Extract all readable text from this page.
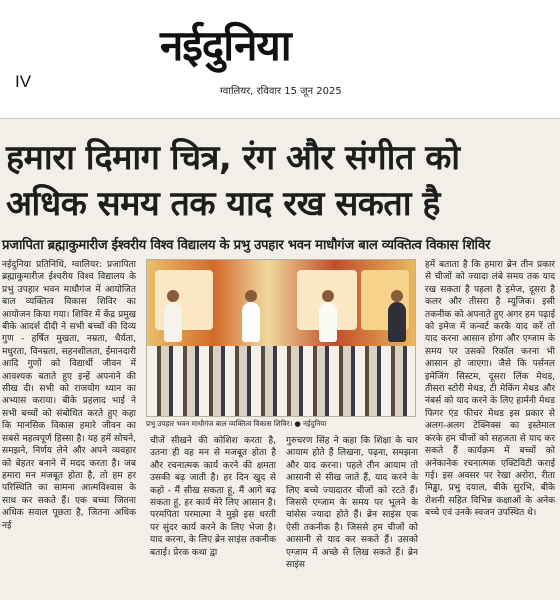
नईदुनिया
ग्वालियर, रविवार 15 जून 2025
IV
हमारा दिमाग चित्र, रंग और संगीत को
अधिक समय तक याद रख सकता है
प्रजापिता ब्रह्माकुमारीज ईश्वरीय विश्व विद्यालय के प्रभु उपहार भवन माधौगंज बाल व्यक्तित्व विकास शिविर
नईदुनिया प्रतिनिधि, ग्वालियर: प्रजापिता ब्रह्माकुमारीज ईश्वरीय विश्व विद्यालय के प्रभु उपहार भवन माधौगंज में आयोजित बाल व्यक्तित्व विकास शिविर का आयोजन किया गया। शिविर में केंद्र प्रमुख बीके आदर्श दीदी ने सभी बच्चों की दिव्य गुण - हर्षित मुखता, नम्रता, धैर्यता, मधुरता, विनम्रता, सहनशीलता, ईमानदारी आदि गुणों को विद्यार्थी जीवन में आवश्यक बताते हुए इन्हें अपनाने की सीख दी। सभी को राजयोग ध्यान का अभ्यास कराया। बीके प्रहलाद भाई ने सभी बच्चों को संबोधित करते हुए कहा कि मानसिक विकास हमारे जीवन का सबसे महत्वपूर्ण हिस्सा है। यह हमें सोचने, समझने, निर्णय लेने और अपने व्यवहार को बेहतर बनाने में मदद करता है। जब हमारा मन मजबूत होता है, तो हम हर परिस्थिति का सामना आत्मविश्वास के साथ कर सकते हैं। एक बच्चा जितना अधिक सवाल पूछता है, जितना अधिक नई
प्रभु उपहार भवन माधौगंज बाल व्यक्तित्व विकास शिविर। ● नईदुनिया
चीजें सीखने की कोशिश करता है, उतना ही वह मन से मजबूत होता है और रचनात्मक कार्य करने की क्षमता उसकी बढ़ जाती है। हर दिन खुद से कहो - मैं सीख सकता हूं, मैं आगे बढ़ सकता हूं, हर कार्य मेरे लिए आसान है। परमपिता परमात्मा ने मुझे इस धरती पर सुंदर कार्य करने के लिए भेजा है। याद करना, के लिए ब्रेन साइंस तकनीक बताई। प्रेरक कथा द्वा
गुरुचरण सिंह ने कहा कि शिक्षा के चार आयाम होते हैं लिखना, पढ़ना, समझना और याद करना। पहले तीन आयाम तो आसानी से सीख जाते हैं, याद करने के लिए बच्चे ज्यादातर चीजों को रटते हैं। जिससे एग्जाम के समय पर भूलने के चांसेस ज्यादा होते हैं। ब्रेन साइंस एक ऐसी तकनीक है। जिससे हम चीजों को आसानी से याद कर सकते हैं। उसको एग्जाम में अच्छे से लिख सकते हैं। ब्रेन साइंस
हमें बताता है कि हमारा ब्रेन तीन प्रकार से चीजों को ज्यादा लंबे समय तक याद रख सकता है पहला है इमेज, दूसरा है कलर और तीसरा है म्यूजिक। इसी तकनीक को अपनाते हुए अगर हम पढ़ाई को इमेज में कन्वर्ट करके याद करें तो याद करना आसान होगा और एग्जाम के समय पर उसको रिकॉल करना भी आसान हो जाएगा। जैसे कि पर्सनल इमेजिंग सिस्टम, दूसरा लिंक मेथड, तीसरा स्टोरी मेथड, टी मेकिंग मेथड और नंबर्स को याद करने के लिए हार्मनी मेथड फिगर एंड फीचर मेथड इस प्रकार से अलग-अलग टेक्निक्स का इस्तेमाल करके हम चीजों को सहजता से याद कर सकते हैं कार्यक्रम में बच्चों को अनेकानेक रचनात्मक एक्टिविटी कराई गई। इस अवसर पर रेखा अरोरा, रीता मिड्ढा, प्रभु दयाल, बीके सुरभि, बीके रोशनी सहित विभिन्न कक्षाओं के अनेक बच्चे एवं उनके स्वजन उपस्थित थे।
